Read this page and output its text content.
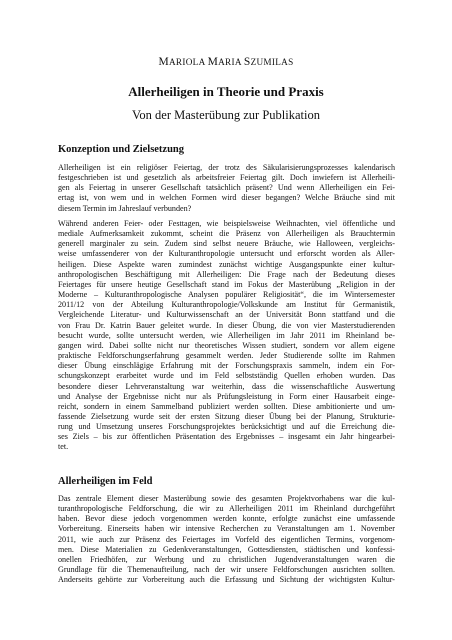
MARIOLA MARIA SZUMILAS
Allerheiligen in Theorie und Praxis
Von der Masterübung zur Publikation
Konzeption und Zielsetzung
Allerheiligen ist ein religiöser Feiertag, der trotz des Säkularisierungsprozesses kalendarisch
festgeschrieben ist und gesetzlich als arbeitsfreier Feiertag gilt. Doch inwiefern ist Allerheili-
gen als Feiertag in unserer Gesellschaft tatsächlich präsent? Und wenn Allerheiligen ein Fei-
ertag ist, von wem und in welchen Formen wird dieser begangen? Welche Bräuche sind mit
diesem Termin im Jahreslauf verbunden?
Während anderen Feier- oder Festtagen, wie beispielsweise Weihnachten, viel öffentliche und
mediale Aufmerksamkeit zukommt, scheint die Präsenz von Allerheiligen als Brauchtermin
generell marginaler zu sein. Zudem sind selbst neuere Bräuche, wie Halloween, vergleichs-
weise umfassenderer von der Kulturanthropologie untersucht und erforscht worden als Aller-
heiligen. Diese Aspekte waren zumindest zunächst wichtige Ausgangspunkte einer kultur-
anthropologischen Beschäftigung mit Allerheiligen: Die Frage nach der Bedeutung dieses
Feiertages für unsere heutige Gesellschaft stand im Fokus der Masterübung „Religion in der
Moderne – Kulturanthropologische Analysen populärer Religiosität“, die im Wintersemester
2011/12 von der Abteilung Kulturanthropologie/Volkskunde am Institut für Germanistik,
Vergleichende Literatur- und Kulturwissenschaft an der Universität Bonn stattfand und die
von Frau Dr. Katrin Bauer geleitet wurde. In dieser Übung, die von vier Masterstudierenden
besucht wurde, sollte untersucht werden, wie Allerheiligen im Jahr 2011 im Rheinland be-
gangen wird. Dabei sollte nicht nur theoretisches Wissen studiert, sondern vor allem eigene
praktische Feldforschungserfahrung gesammelt werden. Jeder Studierende sollte im Rahmen
dieser Übung einschlägige Erfahrung mit der Forschungspraxis sammeln, indem ein For-
schungskonzept erarbeitet wurde und im Feld selbstständig Quellen erhoben wurden. Das
besondere dieser Lehrveranstaltung war weiterhin, dass die wissenschaftliche Auswertung
und Analyse der Ergebnisse nicht nur als Prüfungsleistung in Form einer Hausarbeit einge-
reicht, sondern in einem Sammelband publiziert werden sollten. Diese ambitionierte und um-
fassende Zielsetzung wurde seit der ersten Sitzung dieser Übung bei der Planung, Strukturie-
rung und Umsetzung unseres Forschungsprojektes berücksichtigt und auf die Erreichung die-
ses Ziels – bis zur öffentlichen Präsentation des Ergebnisses – insgesamt ein Jahr hingearbei-
tet.
Allerheiligen im Feld
Das zentrale Element dieser Masterübung sowie des gesamten Projektvorhabens war die kul-
turanthropologische Feldforschung, die wir zu Allerheiligen 2011 im Rheinland durchgeführt
haben. Bevor diese jedoch vorgenommen werden konnte, erfolgte zunächst eine umfassende
Vorbereitung. Einerseits haben wir intensive Recherchen zu Veranstaltungen am 1. November
2011, wie auch zur Präsenz des Feiertages im Vorfeld des eigentlichen Termins, vorgenom-
men. Diese Materialien zu Gedenkveranstaltungen, Gottesdiensten, städtischen und konfessi-
onellen Friedhöfen, zur Werbung und zu christlichen Jugendveranstaltungen waren die
Grundlage für die Themenaufteilung, nach der wir unsere Feldforschungen ausrichten sollten.
Anderseits gehörte zur Vorbereitung auch die Erfassung und Sichtung der wichtigsten Kultur-
